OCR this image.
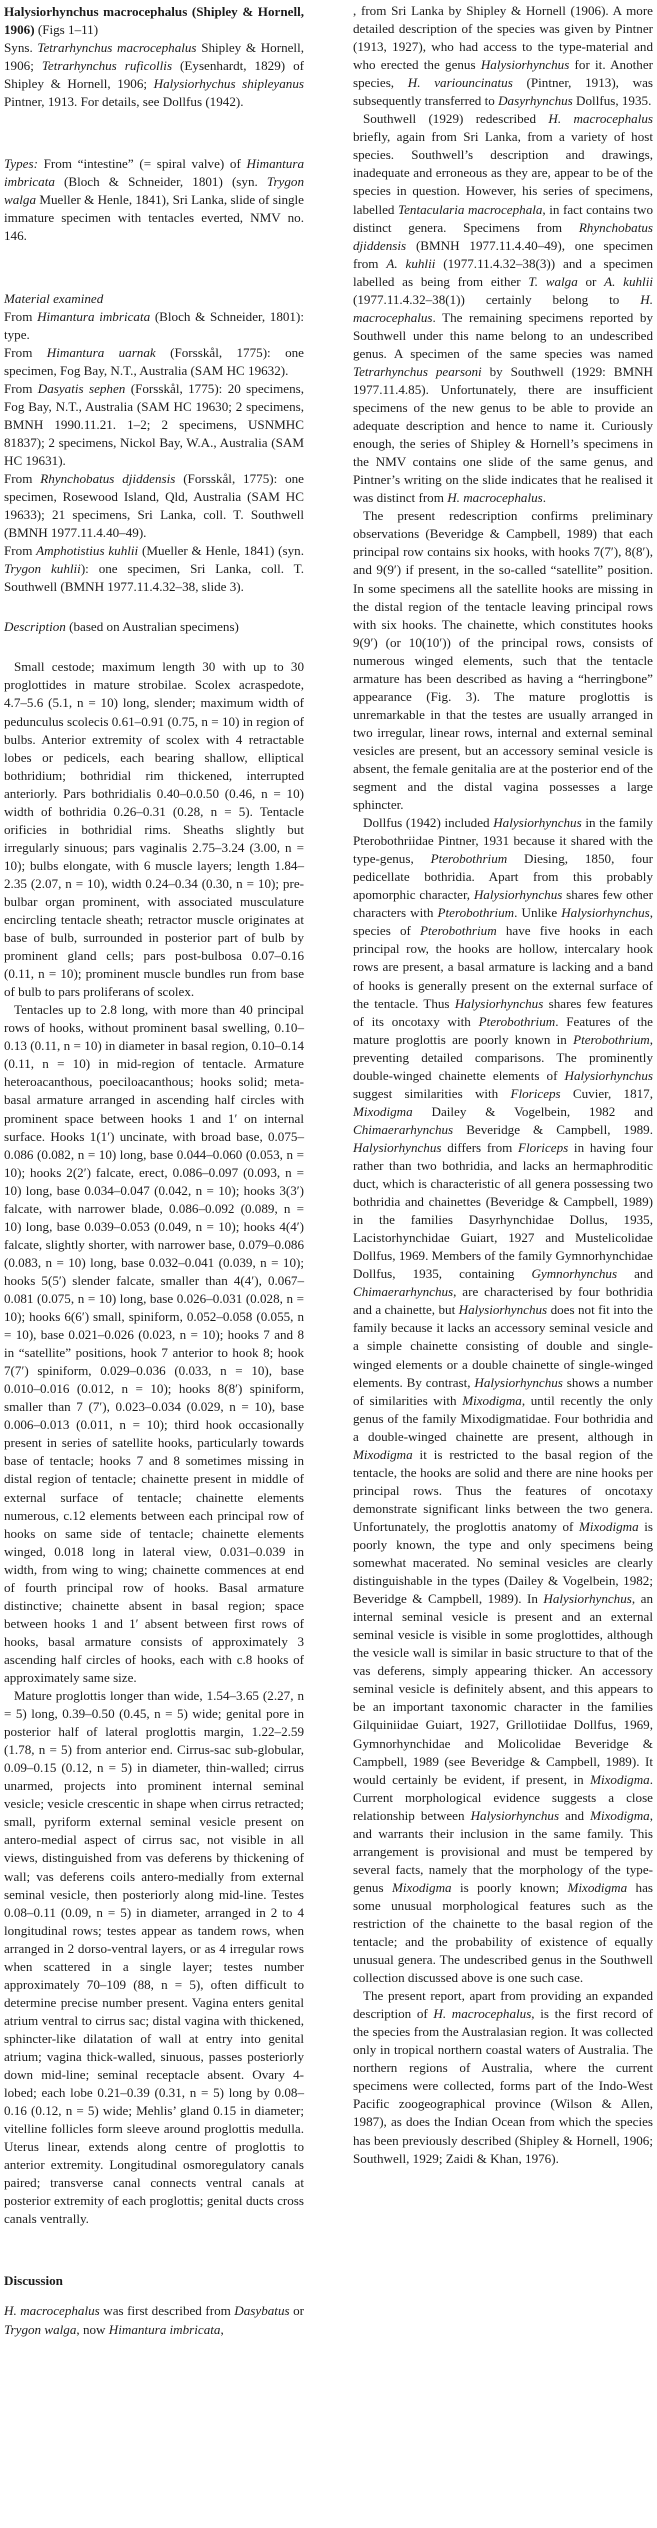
Halysiorhynchus macrocephalus (Shipley & Hornell, 1906) (Figs 1–11)

Syns. Tetrarhynchus macrocephalus Shipley & Hornell, 1906; Tetrarhynchus ruficollis (Eysenhardt, 1829) of Shipley & Hornell, 1906; Halysiorhychus shipleyanus Pintner, 1913. For details, see Dollfus (1942).

Types: From “intestine” (= spiral valve) of Himantura imbricata (Bloch & Schneider, 1801) (syn. Trygon walga Mueller & Henle, 1841), Sri Lanka, slide of single immature specimen with tentacles everted, NMV no. 146.

Material examined

From Himantura imbricata (Bloch & Schneider, 1801): type.

From Himantura uarnak (Forsskål, 1775): one specimen, Fog Bay, N.T., Australia (SAM HC 19632).

From Dasyatis sephen (Forsskål, 1775): 20 specimens, Fog Bay, N.T., Australia (SAM HC 19630; 2 specimens, BMNH 1990.11.21. 1–2; 2 specimens, USNMHC 81837); 2 specimens, Nickol Bay, W.A., Australia (SAM HC 19631).

From Rhynchobatus djiddensis (Forsskål, 1775): one specimen, Rosewood Island, Qld, Australia (SAM HC 19633); 21 specimens, Sri Lanka, coll. T. Southwell (BMNH 1977.11.4.40–49).

From Amphotistius kuhlii (Mueller & Henle, 1841) (syn. Trygon kuhlii): one specimen, Sri Lanka, coll. T. Southwell (BMNH 1977.11.4.32–38, slide 3).

Description (based on Australian specimens)

Small cestode; maximum length 30 with up to 30 proglottides in mature strobilae. Scolex acraspedote, 4.7–5.6 (5.1, n = 10) long, slender; maximum width of pedunculus scolecis 0.61–0.91 (0.75, n = 10) in region of bulbs. Anterior extremity of scolex with 4 retractable lobes or pedicels, each bearing shallow, elliptical bothridium; bothridial rim thickened, interrupted anteriorly. Pars bothridialis 0.40–0.0.50 (0.46, n = 10) width of bothridia 0.26–0.31 (0.28, n = 5). Tentacle orificies in bothridial rims. Sheaths slightly but irregularly sinuous; pars vaginalis 2.75–3.24 (3.00, n = 10); bulbs elongate, with 6 muscle layers; length 1.84–2.35 (2.07, n = 10), width 0.24–0.34 (0.30, n = 10); pre-bulbar organ prominent, with associated musculature encircling tentacle sheath; retractor muscle originates at base of bulb, surrounded in posterior part of bulb by prominent gland cells; pars post-bulbosa 0.07–0.16 (0.11, n = 10); prominent muscle bundles run from base of bulb to pars proliferans of scolex.

Tentacles up to 2.8 long, with more than 40 principal rows of hooks, without prominent basal swelling, 0.10–0.13 (0.11, n = 10) in diameter in basal region, 0.10–0.14 (0.11, n = 10) in mid-region of tentacle. Armature heteroacanthous, poeciloacanthous; hooks solid; meta-basal armature arranged in ascending half circles with prominent space between hooks 1 and 1′ on internal surface. Hooks 1(1′) uncinate, with broad base, 0.075–0.086 (0.082, n = 10) long, base 0.044–0.060 (0.053, n = 10); hooks 2(2′) falcate, erect, 0.086–0.097 (0.093, n = 10) long, base 0.034–0.047 (0.042, n = 10); hooks 3(3′) falcate, with narrower blade, 0.086–0.092 (0.089, n = 10) long, base 0.039–0.053 (0.049, n = 10); hooks 4(4′) falcate, slightly shorter, with narrower base, 0.079–0.086 (0.083, n = 10) long, base 0.032–0.041 (0.039, n = 10); hooks 5(5′) slender falcate, smaller than 4(4′), 0.067–0.081 (0.075, n = 10) long, base 0.026–0.031 (0.028, n = 10); hooks 6(6′) small, spiniform, 0.052–0.058 (0.055, n = 10), base 0.021–0.026 (0.023, n = 10); hooks 7 and 8 in “satellite” positions, hook 7 anterior to hook 8; hook 7(7′) spiniform, 0.029–0.036 (0.033, n = 10), base 0.010–0.016 (0.012, n = 10); hooks 8(8′) spiniform, smaller than 7 (7′), 0.023–0.034 (0.029, n = 10), base 0.006–0.013 (0.011, n = 10); third hook occasionally present in series of satellite hooks, particularly towards base of tentacle; hooks 7 and 8 sometimes missing in distal region of tentacle; chainette present in middle of external surface of tentacle; chainette elements numerous, c.12 elements between each principal row of hooks on same side of tentacle; chainette elements winged, 0.018 long in lateral view, 0.031–0.039 in width, from wing to wing; chainette commences at end of fourth principal row of hooks. Basal armature distinctive; chainette absent in basal region; space between hooks 1 and 1′ absent between first rows of hooks, basal armature consists of approximately 3 ascending half circles of hooks, each with c.8 hooks of approximately same size.

Mature proglottis longer than wide, 1.54–3.65 (2.27, n = 5) long, 0.39–0.50 (0.45, n = 5) wide; genital pore in posterior half of lateral proglottis margin, 1.22–2.59 (1.78, n = 5) from anterior end. Cirrus-sac sub-globular, 0.09–0.15 (0.12, n = 5) in diameter, thin-walled; cirrus unarmed, projects into prominent internal seminal vesicle; vesicle crescentic in shape when cirrus retracted; small, pyriform external seminal vesicle present on antero-medial aspect of cirrus sac, not visible in all views, distinguished from vas deferens by thickening of wall; vas deferens coils antero-medially from external seminal vesicle, then posteriorly along mid-line. Testes 0.08–0.11 (0.09, n = 5) in diameter, arranged in 2 to 4 longitudinal rows; testes appear as tandem rows, when arranged in 2 dorso-ventral layers, or as 4 irregular rows when scattered in a single layer; testes number approximately 70–109 (88, n = 5), often difficult to determine precise number present. Vagina enters genital atrium ventral to cirrus sac; distal vagina with thickened, sphincter-like dilatation of wall at entry into genital atrium; vagina thick-walled, sinuous, passes posteriorly down mid-line; seminal receptacle absent. Ovary 4-lobed; each lobe 0.21–0.39 (0.31, n = 5) long by 0.08–0.16 (0.12, n = 5) wide; Mehlis’ gland 0.15 in diameter; vitelline follicles form sleeve around proglottis medulla. Uterus linear, extends along centre of proglottis to anterior extremity. Longitudinal osmoregulatory canals paired; transverse canal connects ventral canals at posterior extremity of each proglottis; genital ducts cross canals ventrally.

Discussion

H. macrocephalus was first described from Dasybatus or Trygon walga, now Himantura imbricata,

, from Sri Lanka by Shipley & Hornell (1906). A more detailed description of the species was given by Pintner (1913, 1927), who had access to the type-material and who erected the genus Halysiorhynchus for it. Another species, H. variouncinatus (Pintner, 1913), was subsequently transferred to Dasyrhynchus Dollfus, 1935.

Southwell (1929) redescribed H. macrocephalus briefly, again from Sri Lanka, from a variety of host species. Southwell’s description and drawings, inadequate and erroneous as they are, appear to be of the species in question. However, his series of specimens, labelled Tentacularia macrocephala, in fact contains two distinct genera. Specimens from Rhynchobatus djiddensis (BMNH 1977.11.4.40–49), one specimen from A. kuhlii (1977.11.4.32–38(3)) and a specimen labelled as being from either T. walga or A. kuhlii (1977.11.4.32–38(1)) certainly belong to H. macrocephalus. The remaining specimens reported by Southwell under this name belong to an undescribed genus. A specimen of the same species was named Tetrarhynchus pearsoni by Southwell (1929: BMNH 1977.11.4.85). Unfortunately, there are insufficient specimens of the new genus to be able to provide an adequate description and hence to name it. Curiously enough, the series of Shipley & Hornell’s specimens in the NMV contains one slide of the same genus, and Pintner’s writing on the slide indicates that he realised it was distinct from H. macrocephalus.

The present redescription confirms preliminary observations (Beveridge & Campbell, 1989) that each principal row contains six hooks, with hooks 7(7′), 8(8′), and 9(9′) if present, in the so-called “satellite” position. In some specimens all the satellite hooks are missing in the distal region of the tentacle leaving principal rows with six hooks. The chainette, which constitutes hooks 9(9′) (or 10(10′)) of the principal rows, consists of numerous winged elements, such that the tentacle armature has been described as having a “herringbone” appearance (Fig. 3). The mature proglottis is unremarkable in that the testes are usually arranged in two irregular, linear rows, internal and external seminal vesicles are present, but an accessory seminal vesicle is absent, the female genitalia are at the posterior end of the segment and the distal vagina possesses a large sphincter.

Dollfus (1942) included Halysiorhynchus in the family Pterobothriidae Pintner, 1931 because it shared with the type-genus, Pterobothrium Diesing, 1850, four pedicellate bothridia. Apart from this probably apomorphic character, Halysiorhynchus shares few other characters with Pterobothrium. Unlike Halysiorhynchus, species of Pterobothrium have five hooks in each principal row, the hooks are hollow, intercalary hook rows are present, a basal armature is lacking and a band of hooks is generally present on the external surface of the tentacle. Thus Halysiorhynchus shares few features of its oncotaxy with Pterobothrium. Features of the mature proglottis are poorly known in Pterobothrium, preventing detailed comparisons. The prominently double-winged chainette elements of Halysiorhynchus suggest similarities with Floriceps Cuvier, 1817, Mixodigma Dailey & Vogelbein, 1982 and Chimaerarhynchus Beveridge & Campbell, 1989. Halysiorhynchus differs from Floriceps in having four rather than two bothridia, and lacks an hermaphroditic duct, which is characteristic of all genera possessing two bothridia and chainettes (Beveridge & Campbell, 1989) in the families Dasyrhynchidae Dollus, 1935, Lacistorhynchidae Guiart, 1927 and Mustelicolidae Dollfus, 1969. Members of the family Gymnorhynchidae Dollfus, 1935, containing Gymnorhynchus and Chimaerarhynchus, are characterised by four bothridia and a chainette, but Halysiorhynchus does not fit into the family because it lacks an accessory seminal vesicle and a simple chainette consisting of double and single-winged elements or a double chainette of single-winged elements. By contrast, Halysiorhynchus shows a number of similarities with Mixodigma, until recently the only genus of the family Mixodigmatidae. Four bothridia and a double-winged chainette are present, although in Mixodigma it is restricted to the basal region of the tentacle, the hooks are solid and there are nine hooks per principal rows. Thus the features of oncotaxy demonstrate significant links between the two genera. Unfortunately, the proglottis anatomy of Mixodigma is poorly known, the type and only specimens being somewhat macerated. No seminal vesicles are clearly distinguishable in the types (Dailey & Vogelbein, 1982; Beveridge & Campbell, 1989). In Halysiorhynchus, an internal seminal vesicle is present and an external seminal vesicle is visible in some proglottides, although the vesicle wall is similar in basic structure to that of the vas deferens, simply appearing thicker. An accessory seminal vesicle is definitely absent, and this appears to be an important taxonomic character in the families Gilquiniidae Guiart, 1927, Grillotiidae Dollfus, 1969, Gymnorhynchidae and Molicolidae Beveridge & Campbell, 1989 (see Beveridge & Campbell, 1989). It would certainly be evident, if present, in Mixodigma. Current morphological evidence suggests a close relationship between Halysiorhynchus and Mixodigma, and warrants their inclusion in the same family. This arrangement is provisional and must be tempered by several facts, namely that the morphology of the type-genus Mixodigma is poorly known; Mixodigma has some unusual morphological features such as the restriction of the chainette to the basal region of the tentacle; and the probability of existence of equally unusual genera. The undescribed genus in the Southwell collection discussed above is one such case.

The present report, apart from providing an expanded description of H. macrocephalus, is the first record of the species from the Australasian region. It was collected only in tropical northern coastal waters of Australia. The northern regions of Australia, where the current specimens were collected, forms part of the Indo-West Pacific zoogeographical province (Wilson & Allen, 1987), as does the Indian Ocean from which the species has been previously described (Shipley & Hornell, 1906; Southwell, 1929; Zaidi & Khan, 1976).
